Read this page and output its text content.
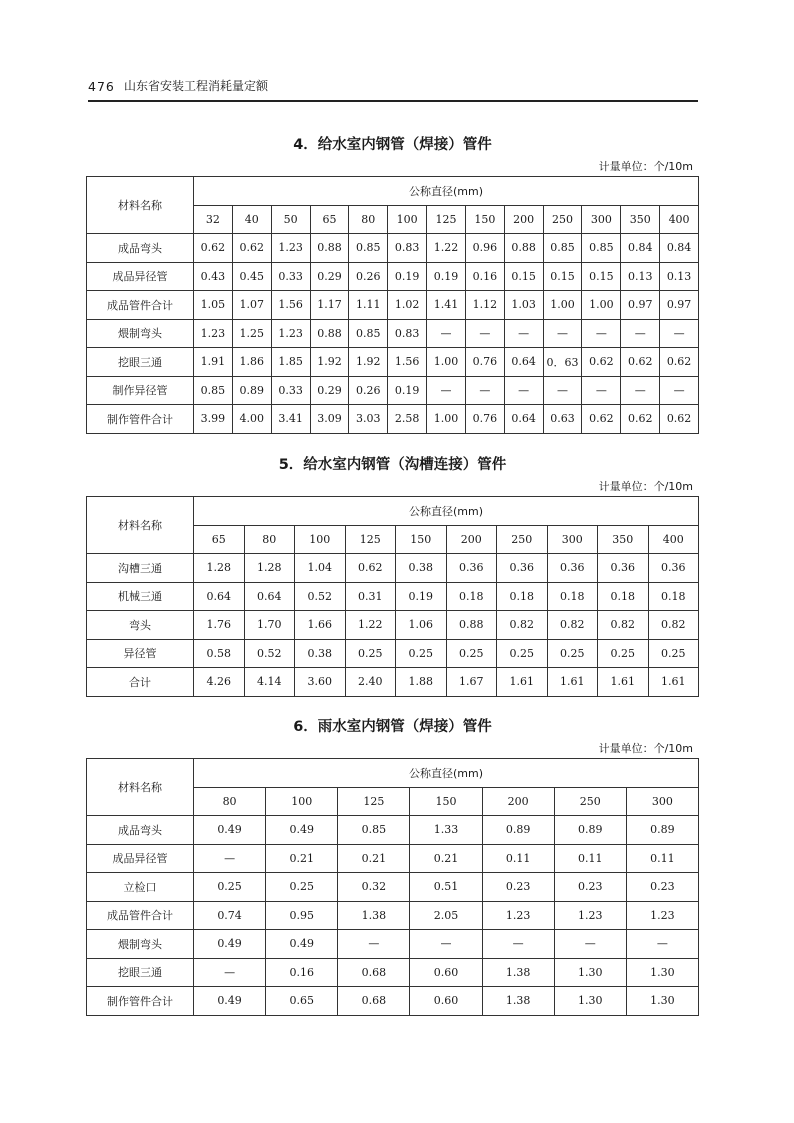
476 山东省安装工程消耗量定额
4．给水室内钢管（焊接）管件
计量单位：个/10m
材料名称	公称直径(mm)												
	32	40	50	65	80	100	125	150	200	250	300	350	400
成品弯头	0.62	0.62	1.23	0.88	0.85	0.83	1.22	0.96	0.88	0.85	0.85	0.84	0.84
成品异径管	0.43	0.45	0.33	0.29	0.26	0.19	0.19	0.16	0.15	0.15	0.15	0.13	0.13
成品管件合计	1.05	1.07	1.56	1.17	1.11	1.02	1.41	1.12	1.03	1.00	1.00	0.97	0.97
煨制弯头	1.23	1.25	1.23	0.88	0.85	0.83	—	—	—	—	—	—	—
挖眼三通	1.91	1.86	1.85	1.92	1.92	1.56	1.00	0.76	0.64	0．63	0.62	0.62	0.62
制作异径管	0.85	0.89	0.33	0.29	0.26	0.19	—	—	—	—	—	—	—
制作管件合计	3.99	4.00	3.41	3.09	3.03	2.58	1.00	0.76	0.64	0.63	0.62	0.62	0.62
5．给水室内钢管（沟槽连接）管件
计量单位：个/10m
材料名称	公称直径(mm)									
	65	80	100	125	150	200	250	300	350	400
沟槽三通	1.28	1.28	1.04	0.62	0.38	0.36	0.36	0.36	0.36	0.36
机械三通	0.64	0.64	0.52	0.31	0.19	0.18	0.18	0.18	0.18	0.18
弯头	1.76	1.70	1.66	1.22	1.06	0.88	0.82	0.82	0.82	0.82
异径管	0.58	0.52	0.38	0.25	0.25	0.25	0.25	0.25	0.25	0.25
合计	4.26	4.14	3.60	2.40	1.88	1.67	1.61	1.61	1.61	1.61
6．雨水室内钢管（焊接）管件
计量单位：个/10m
材料名称	公称直径(mm)						
	80	100	125	150	200	250	300
成品弯头	0.49	0.49	0.85	1.33	0.89	0.89	0.89
成品异径管	—	0.21	0.21	0.21	0.11	0.11	0.11
立检口	0.25	0.25	0.32	0.51	0.23	0.23	0.23
成品管件合计	0.74	0.95	1.38	2.05	1.23	1.23	1.23
煨制弯头	0.49	0.49	—	—	—	—	—
挖眼三通	—	0.16	0.68	0.60	1.38	1.30	1.30
制作管件合计	0.49	0.65	0.68	0.60	1.38	1.30	1.30
